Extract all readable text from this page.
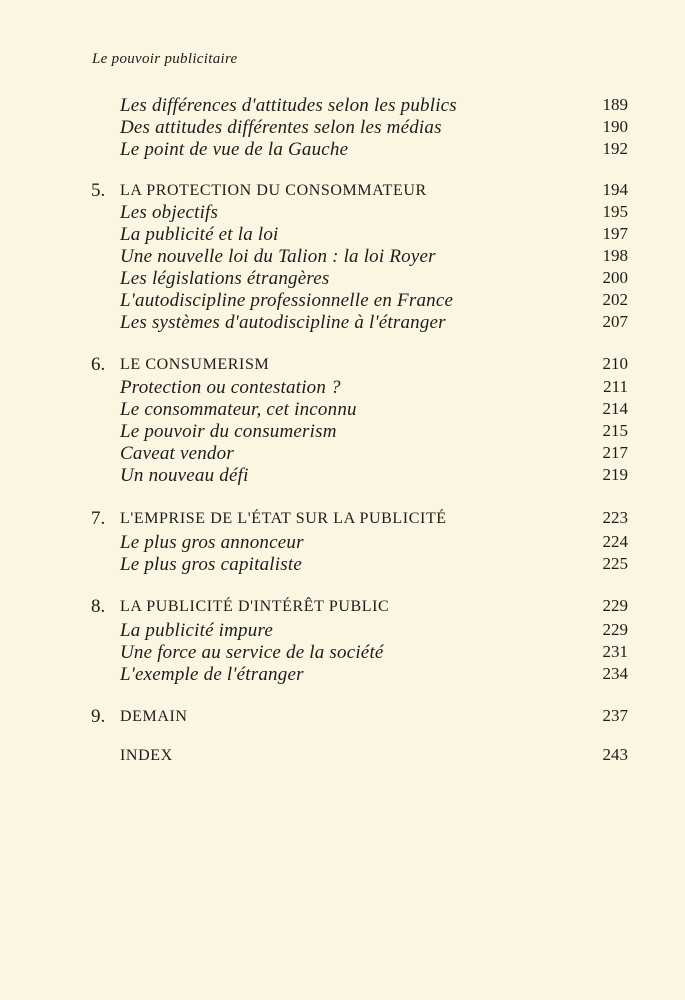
Le pouvoir publicitaire
Les différences d'attitudes selon les publics	189
Des attitudes différentes selon les médias	190
Le point de vue de la Gauche	192
5. LA PROTECTION DU CONSOMMATEUR	194
Les objectifs	195
La publicité et la loi	197
Une nouvelle loi du Talion : la loi Royer	198
Les législations étrangères	200
L'autodiscipline professionnelle en France	202
Les systèmes d'autodiscipline à l'étranger	207
6. LE CONSUMERISM	210
Protection ou contestation ?	211
Le consommateur, cet inconnu	214
Le pouvoir du consumerism	215
Caveat vendor	217
Un nouveau défi	219
7. L'EMPRISE DE L'ÉTAT SUR LA PUBLICITÉ	223
Le plus gros annonceur	224
Le plus gros capitaliste	225
8. LA PUBLICITÉ D'INTÉRÊT PUBLIC	229
La publicité impure	229
Une force au service de la société	231
L'exemple de l'étranger	234
9. DEMAIN	237
INDEX	243
